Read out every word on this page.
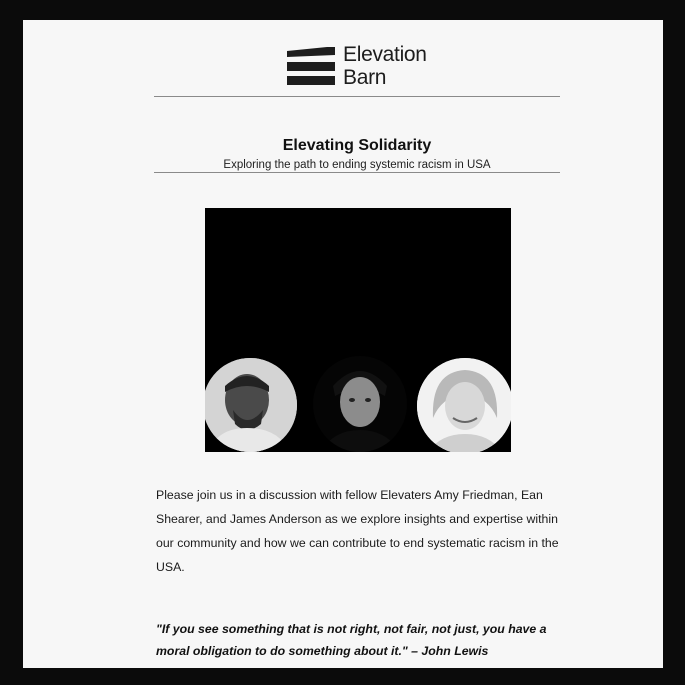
Elevation
Barn
Elevating Solidarity
Exploring the path to ending systemic racism in USA
Please join us in a discussion with fellow Elevaters Amy Friedman, Ean Shearer, and James Anderson as we explore insights and expertise within our community and how we can contribute to end systematic racism in the USA.
"If you see something that is not right, not fair, not just, you have a moral obligation to do something about it." – John Lewis
